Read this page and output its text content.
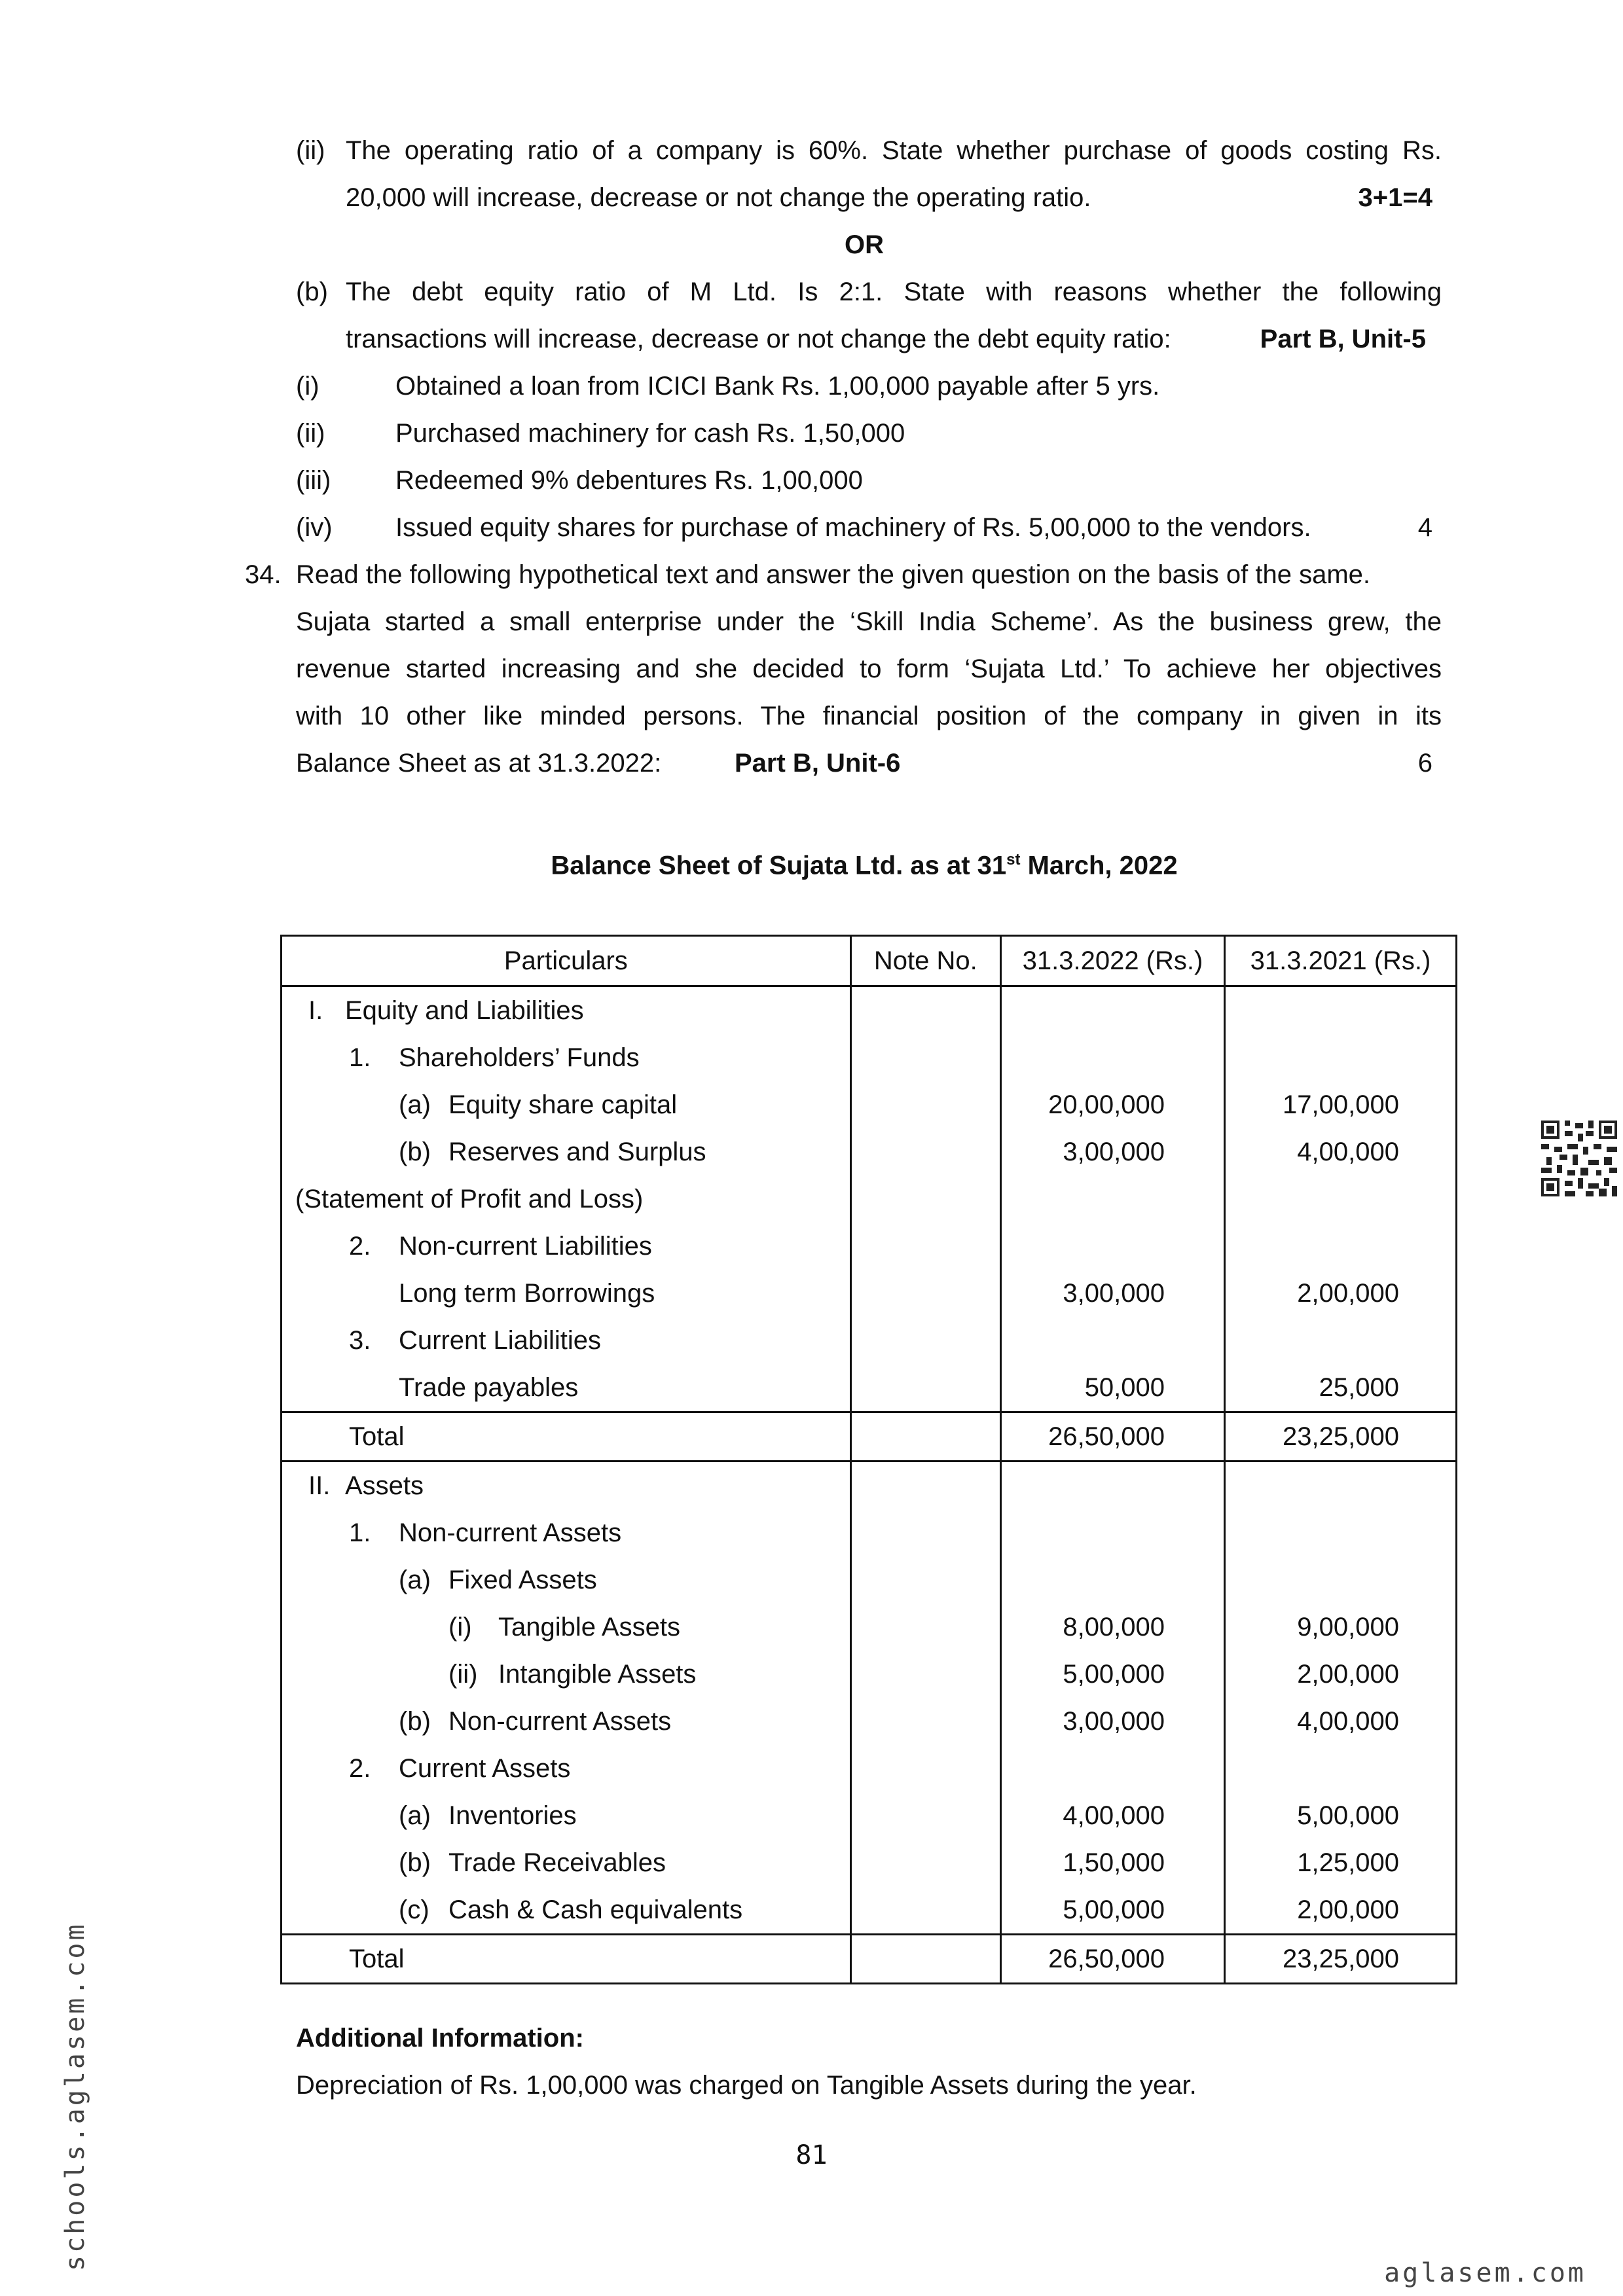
(ii) The operating ratio of a company is 60%. State whether purchase of goods costing Rs.
20,000 will increase, decrease or not change the operating ratio.	3+1=4
OR
(b) The debt equity ratio of M Ltd. Is 2:1. State with reasons whether the following
transactions will increase, decrease or not change the debt equity ratio:	Part B, Unit-5
(i)	Obtained a loan from ICICI Bank Rs. 1,00,000 payable after 5 yrs.
(ii)	Purchased machinery for cash Rs. 1,50,000
(iii) Redeemed 9% debentures Rs. 1,00,000
(iv) Issued equity shares for purchase of machinery of Rs. 5,00,000 to the vendors.	4
34. Read the following hypothetical text and answer the given question on the basis of the same.
Sujata started a small enterprise under the ‘Skill India Scheme’. As the business grew, the
revenue started increasing and she decided to form ‘Sujata Ltd.’ To achieve her objectives
with 10 other like minded persons. The financial position of the company in given in its
Balance Sheet as at 31.3.2022:	Part B, Unit-6	6
Balance Sheet of Sujata Ltd. as at 31st March, 2022
Particulars	Note No.	31.3.2022 (Rs.)	31.3.2021 (Rs.)
I. Equity and Liabilities			
1. Shareholders’ Funds			
(a) Equity share capital		20,00,000	17,00,000
(b) Reserves and Surplus		3,00,000	4,00,000
(Statement of Profit and Loss)			
2. Non-current Liabilities			
Long term Borrowings		3,00,000	2,00,000
3. Current Liabilities			
Trade payables		50,000	25,000
Total		26,50,000	23,25,000
II. Assets			
1. Non-current Assets			
(a) Fixed Assets			
(i) Tangible Assets		8,00,000	9,00,000
(ii) Intangible Assets		5,00,000	2,00,000
(b) Non-current Assets		3,00,000	4,00,000
2. Current Assets			
(a) Inventories		4,00,000	5,00,000
(b) Trade Receivables		1,50,000	1,25,000
(c) Cash & Cash equivalents		5,00,000	2,00,000
Total		26,50,000	23,25,000
Additional Information:
Depreciation of Rs. 1,00,000 was charged on Tangible Assets during the year.
81
schools.aglasem.com
aglasem.com
